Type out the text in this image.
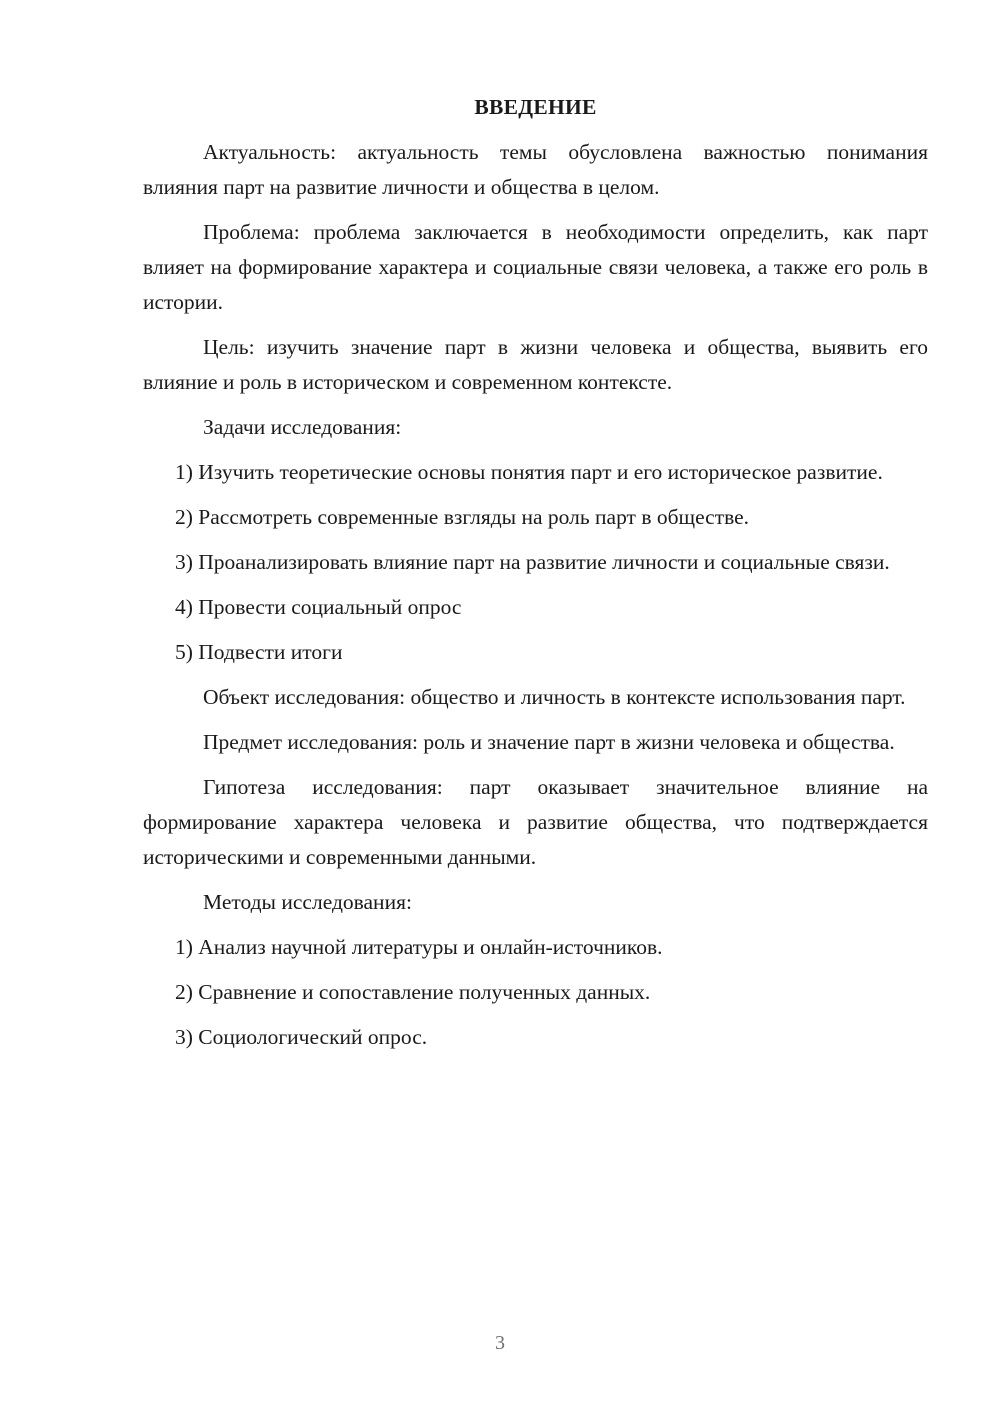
ВВЕДЕНИЕ

Актуальность: актуальность темы обусловлена важностью понимания влияния парт на развитие личности и общества в целом.

Проблема: проблема заключается в необходимости определить, как парт влияет на формирование характера и социальные связи человека, а также его роль в истории.

Цель: изучить значение парт в жизни человека и общества, выявить его влияние и роль в историческом и современном контексте.

Задачи исследования:

1) Изучить теоретические основы понятия парт и его историческое развитие.

2) Рассмотреть современные взгляды на роль парт в обществе.

3) Проанализировать влияние парт на развитие личности и социальные связи.

4) Провести социальный опрос

5) Подвести итоги

Объект исследования: общество и личность в контексте использования парт.

Предмет исследования: роль и значение парт в жизни человека и общества.

Гипотеза исследования: парт оказывает значительное влияние на формирование характера человека и развитие общества, что подтверждается историческими и современными данными.

Методы исследования:

1) Анализ научной литературы и онлайн-источников.

2) Сравнение и сопоставление полученных данных.

3) Социологический опрос.

3
